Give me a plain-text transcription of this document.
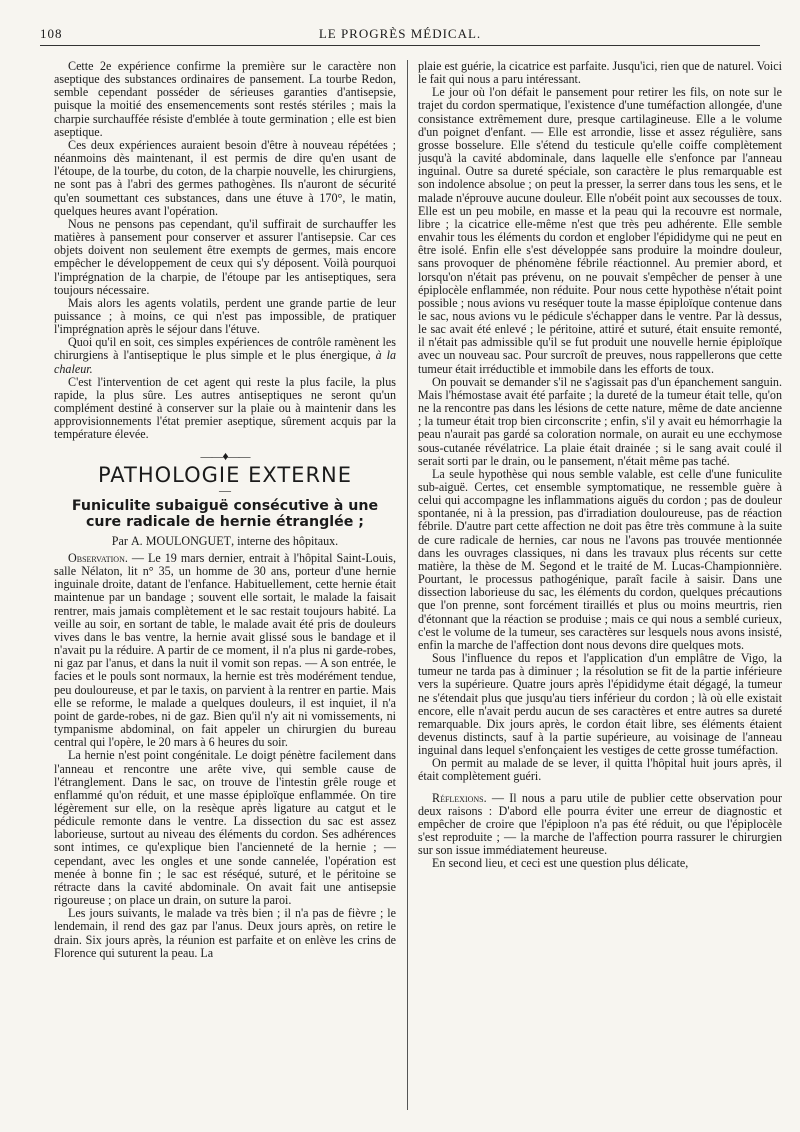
108	LE PROGRÈS MÉDICAL.

Cette 2e expérience confirme la première sur le caractère non aseptique des substances ordinaires de pansement. La tourbe Redon, semble cependant posséder de sérieuses garanties d'antisepsie, puisque la moitié des ensemencements sont restés stériles ; mais la charpie surchauffée résiste d'emblée à toute germination ; elle est bien aseptique.

Ces deux expériences auraient besoin d'être à nouveau répétées ; néanmoins dès maintenant, il est permis de dire qu'en usant de l'étoupe, de la tourbe, du coton, de la charpie nouvelle, les chirurgiens, ne sont pas à l'abri des germes pathogènes. Ils n'auront de sécurité qu'en soumettant ces substances, dans une étuve à 170°, le matin, quelques heures avant l'opération.

Nous ne pensons pas cependant, qu'il suffirait de surchauffer les matières à pansement pour conserver et assurer l'antisepsie. Car ces objets doivent non seulement être exempts de germes, mais encore empêcher le développement de ceux qui s'y déposent. Voilà pourquoi l'imprégnation de la charpie, de l'étoupe par les antiseptiques, sera toujours nécessaire.

Mais alors les agents volatils, perdent une grande partie de leur puissance ; à moins, ce qui n'est pas impossible, de pratiquer l'imprégnation après le séjour dans l'étuve.

Quoi qu'il en soit, ces simples expériences de contrôle ramènent les chirurgiens à l'antiseptique le plus simple et le plus énergique, à la chaleur.

C'est l'intervention de cet agent qui reste la plus facile, la plus rapide, la plus sûre. Les autres antiseptiques ne seront qu'un complément destiné à conserver sur la plaie ou à maintenir dans les approvisionnements l'état premier aseptique, sûrement acquis par la température élevée.

――♦――
PATHOLOGIE EXTERNE
—
Funiculite subaiguë consécutive à une cure radicale de hernie étranglée ;
Par A. MOULONGUET, interne des hôpitaux.

Observation. — Le 19 mars dernier, entrait à l'hôpital Saint-Louis, salle Nélaton, lit n° 35, un homme de 30 ans, porteur d'une hernie inguinale droite, datant de l'enfance. Habituellement, cette hernie était maintenue par un bandage ; souvent elle sortait, le malade la faisait rentrer, mais jamais complètement et le sac restait toujours habité. La veille au soir, en sortant de table, le malade avait été pris de douleurs vives dans le bas ventre, la hernie avait glissé sous le bandage et il n'avait pu la réduire. A partir de ce moment, il n'a plus ni garde-robes, ni gaz par l'anus, et dans la nuit il vomit son repas. — A son entrée, le facies et le pouls sont normaux, la hernie est très modérément tendue, peu douloureuse, et par le taxis, on parvient à la rentrer en partie. Mais elle se reforme, le malade a quelques douleurs, il est inquiet, il n'a point de garde-robes, ni de gaz. Bien qu'il n'y ait ni vomissements, ni tympanisme abdominal, on fait appeler un chirurgien du bureau central qui l'opère, le 20 mars à 6 heures du soir.

La hernie n'est point congénitale. Le doigt pénètre facilement dans l'anneau et rencontre une arête vive, qui semble cause de l'étranglement. Dans le sac, on trouve de l'intestin grêle rouge et enflammé qu'on réduit, et une masse épiploïque enflammée. On tire légèrement sur elle, on la resèque après ligature au catgut et le pédicule remonte dans le ventre. La dissection du sac est assez laborieuse, surtout au niveau des éléments du cordon. Ses adhérences sont intimes, ce qu'explique bien l'ancienneté de la hernie ; — cependant, avec les ongles et une sonde cannelée, l'opération est menée à bonne fin ; le sac est réséqué, suturé, et le péritoine se rétracte dans la cavité abdominale. On avait fait une antisepsie rigoureuse ; on place un drain, on suture la paroi.

Les jours suivants, le malade va très bien ; il n'a pas de fièvre ; le lendemain, il rend des gaz par l'anus. Deux jours après, on retire le drain. Six jours après, la réunion est parfaite et on enlève les crins de Florence qui suturent la peau. La

plaie est guérie, la cicatrice est parfaite. Jusqu'ici, rien que de naturel. Voici le fait qui nous a paru intéressant.

Le jour où l'on défait le pansement pour retirer les fils, on note sur le trajet du cordon spermatique, l'existence d'une tuméfaction allongée, d'une consistance extrêmement dure, presque cartilagineuse. Elle a le volume d'un poignet d'enfant. — Elle est arrondie, lisse et assez régulière, sans grosse bosselure. Elle s'étend du testicule qu'elle coiffe complètement jusqu'à la cavité abdominale, dans laquelle elle s'enfonce par l'anneau inguinal. Outre sa dureté spéciale, son caractère le plus remarquable est son indolence absolue ; on peut la presser, la serrer dans tous les sens, et le malade n'éprouve aucune douleur. Elle n'obéit point aux secousses de toux. Elle est un peu mobile, en masse et la peau qui la recouvre est normale, libre ; la cicatrice elle-même n'est que très peu adhérente. Elle semble envahir tous les éléments du cordon et englober l'épididyme qui ne peut en être isolé. Enfin elle s'est développée sans produire la moindre douleur, sans provoquer de phénomène fébrile réactionnel. Au premier abord, et lorsqu'on n'était pas prévenu, on ne pouvait s'empêcher de penser à une épiplocèle enflammée, non réduite. Pour nous cette hypothèse n'était point possible ; nous avions vu reséquer toute la masse épiploïque contenue dans le sac, nous avions vu le pédicule s'échapper dans le ventre. Par là dessus, le sac avait été enlevé ; le péritoine, attiré et suturé, était ensuite remonté, il n'était pas admissible qu'il se fut produit une nouvelle hernie épiploïque avec un nouveau sac. Pour surcroît de preuves, nous rappellerons que cette tumeur était irréductible et immobile dans les efforts de toux.

On pouvait se demander s'il ne s'agissait pas d'un épanchement sanguin. Mais l'hémostase avait été parfaite ; la dureté de la tumeur était telle, qu'on ne la rencontre pas dans les lésions de cette nature, même de date ancienne ; la tumeur était trop bien circonscrite ; enfin, s'il y avait eu hémorrhagie la peau n'aurait pas gardé sa coloration normale, on aurait eu une ecchymose sous-cutanée révélatrice. La plaie était drainée ; si le sang avait coulé il serait sorti par le drain, ou le pansement, n'était même pas taché.

La seule hypothèse qui nous semble valable, est celle d'une funiculite sub-aiguë. Certes, cet ensemble symptomatique, ne ressemble guère à celui qui accompagne les inflammations aiguës du cordon ; pas de douleur spontanée, ni à la pression, pas d'irradiation douloureuse, pas de réaction fébrile. D'autre part cette affection ne doit pas être très commune à la suite de cure radicale de hernies, car nous ne l'avons pas trouvée mentionnée dans les ouvrages classiques, ni dans les travaux plus récents sur cette matière, la thèse de M. Segond et le traité de M. Lucas-Championnière. Pourtant, le processus pathogénique, paraît facile à saisir. Dans une dissection laborieuse du sac, les éléments du cordon, quelques précautions que l'on prenne, sont forcément tiraillés et plus ou moins meurtris, rien d'étonnant que la réaction se produise ; mais ce qui nous a semblé curieux, c'est le volume de la tumeur, ses caractères sur lesquels nous avons insisté, enfin la marche de l'affection dont nous devons dire quelques mots.

Sous l'influence du repos et l'application d'un emplâtre de Vigo, la tumeur ne tarda pas à diminuer ; la résolution se fit de la partie inférieure vers la supérieure. Quatre jours après l'épididyme était dégagé, la tumeur ne s'étendait plus que jusqu'au tiers inférieur du cordon ; là où elle existait encore, elle n'avait perdu aucun de ses caractères et entre autres sa dureté remarquable. Dix jours après, le cordon était libre, ses éléments étaient devenus distincts, sauf à la partie supérieure, au voisinage de l'anneau inguinal dans lequel s'enfonçaient les vestiges de cette grosse tuméfaction.

On permit au malade de se lever, il quitta l'hôpital huit jours après, il était complètement guéri.

Réflexions. — Il nous a paru utile de publier cette observation pour deux raisons : D'abord elle pourra éviter une erreur de diagnostic et empêcher de croire que l'épiploon n'a pas été réduit, ou que l'épiplocèle s'est reproduite ; — la marche de l'affection pourra rassurer le chirurgien sur son issue immédiatement heureuse.

En second lieu, et ceci est une question plus délicate,
